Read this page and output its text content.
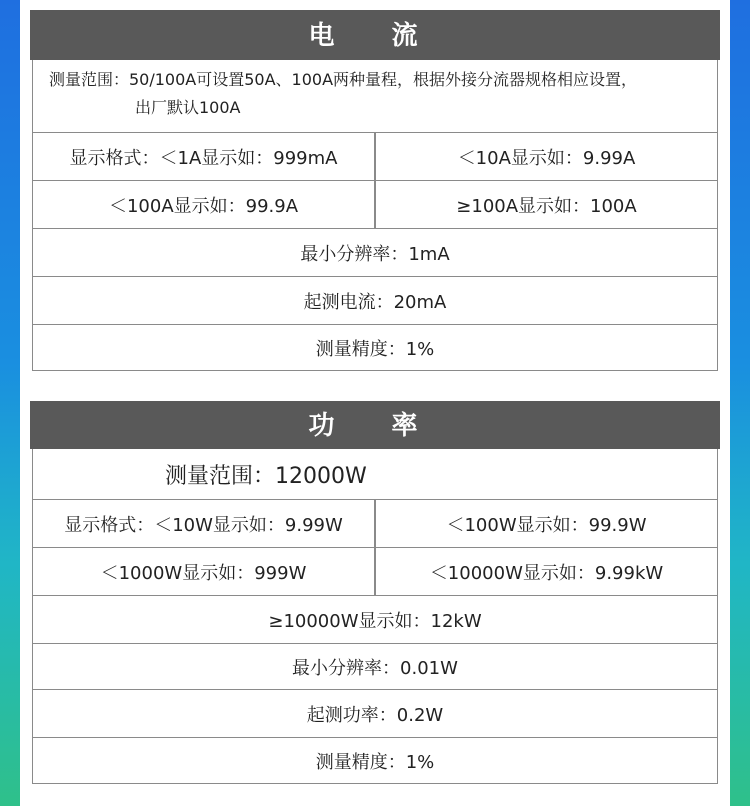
电 流
测量范围：50/100A可设置50A、100A两种量程，根据外接分流器规格相应设置，
出厂默认100A
显示格式：＜1A显示如：999mA	＜10A显示如：9.99A
＜100A显示如：99.9A	≥100A显示如：100A
最小分辨率：1mA
起测电流：20mA
测量精度：1%
功 率
测量范围：12000W
显示格式：＜10W显示如：9.99W	＜100W显示如：99.9W
＜1000W显示如：999W	＜10000W显示如：9.99kW
≥10000W显示如：12kW
最小分辨率：0.01W
起测功率：0.2W
测量精度：1%
